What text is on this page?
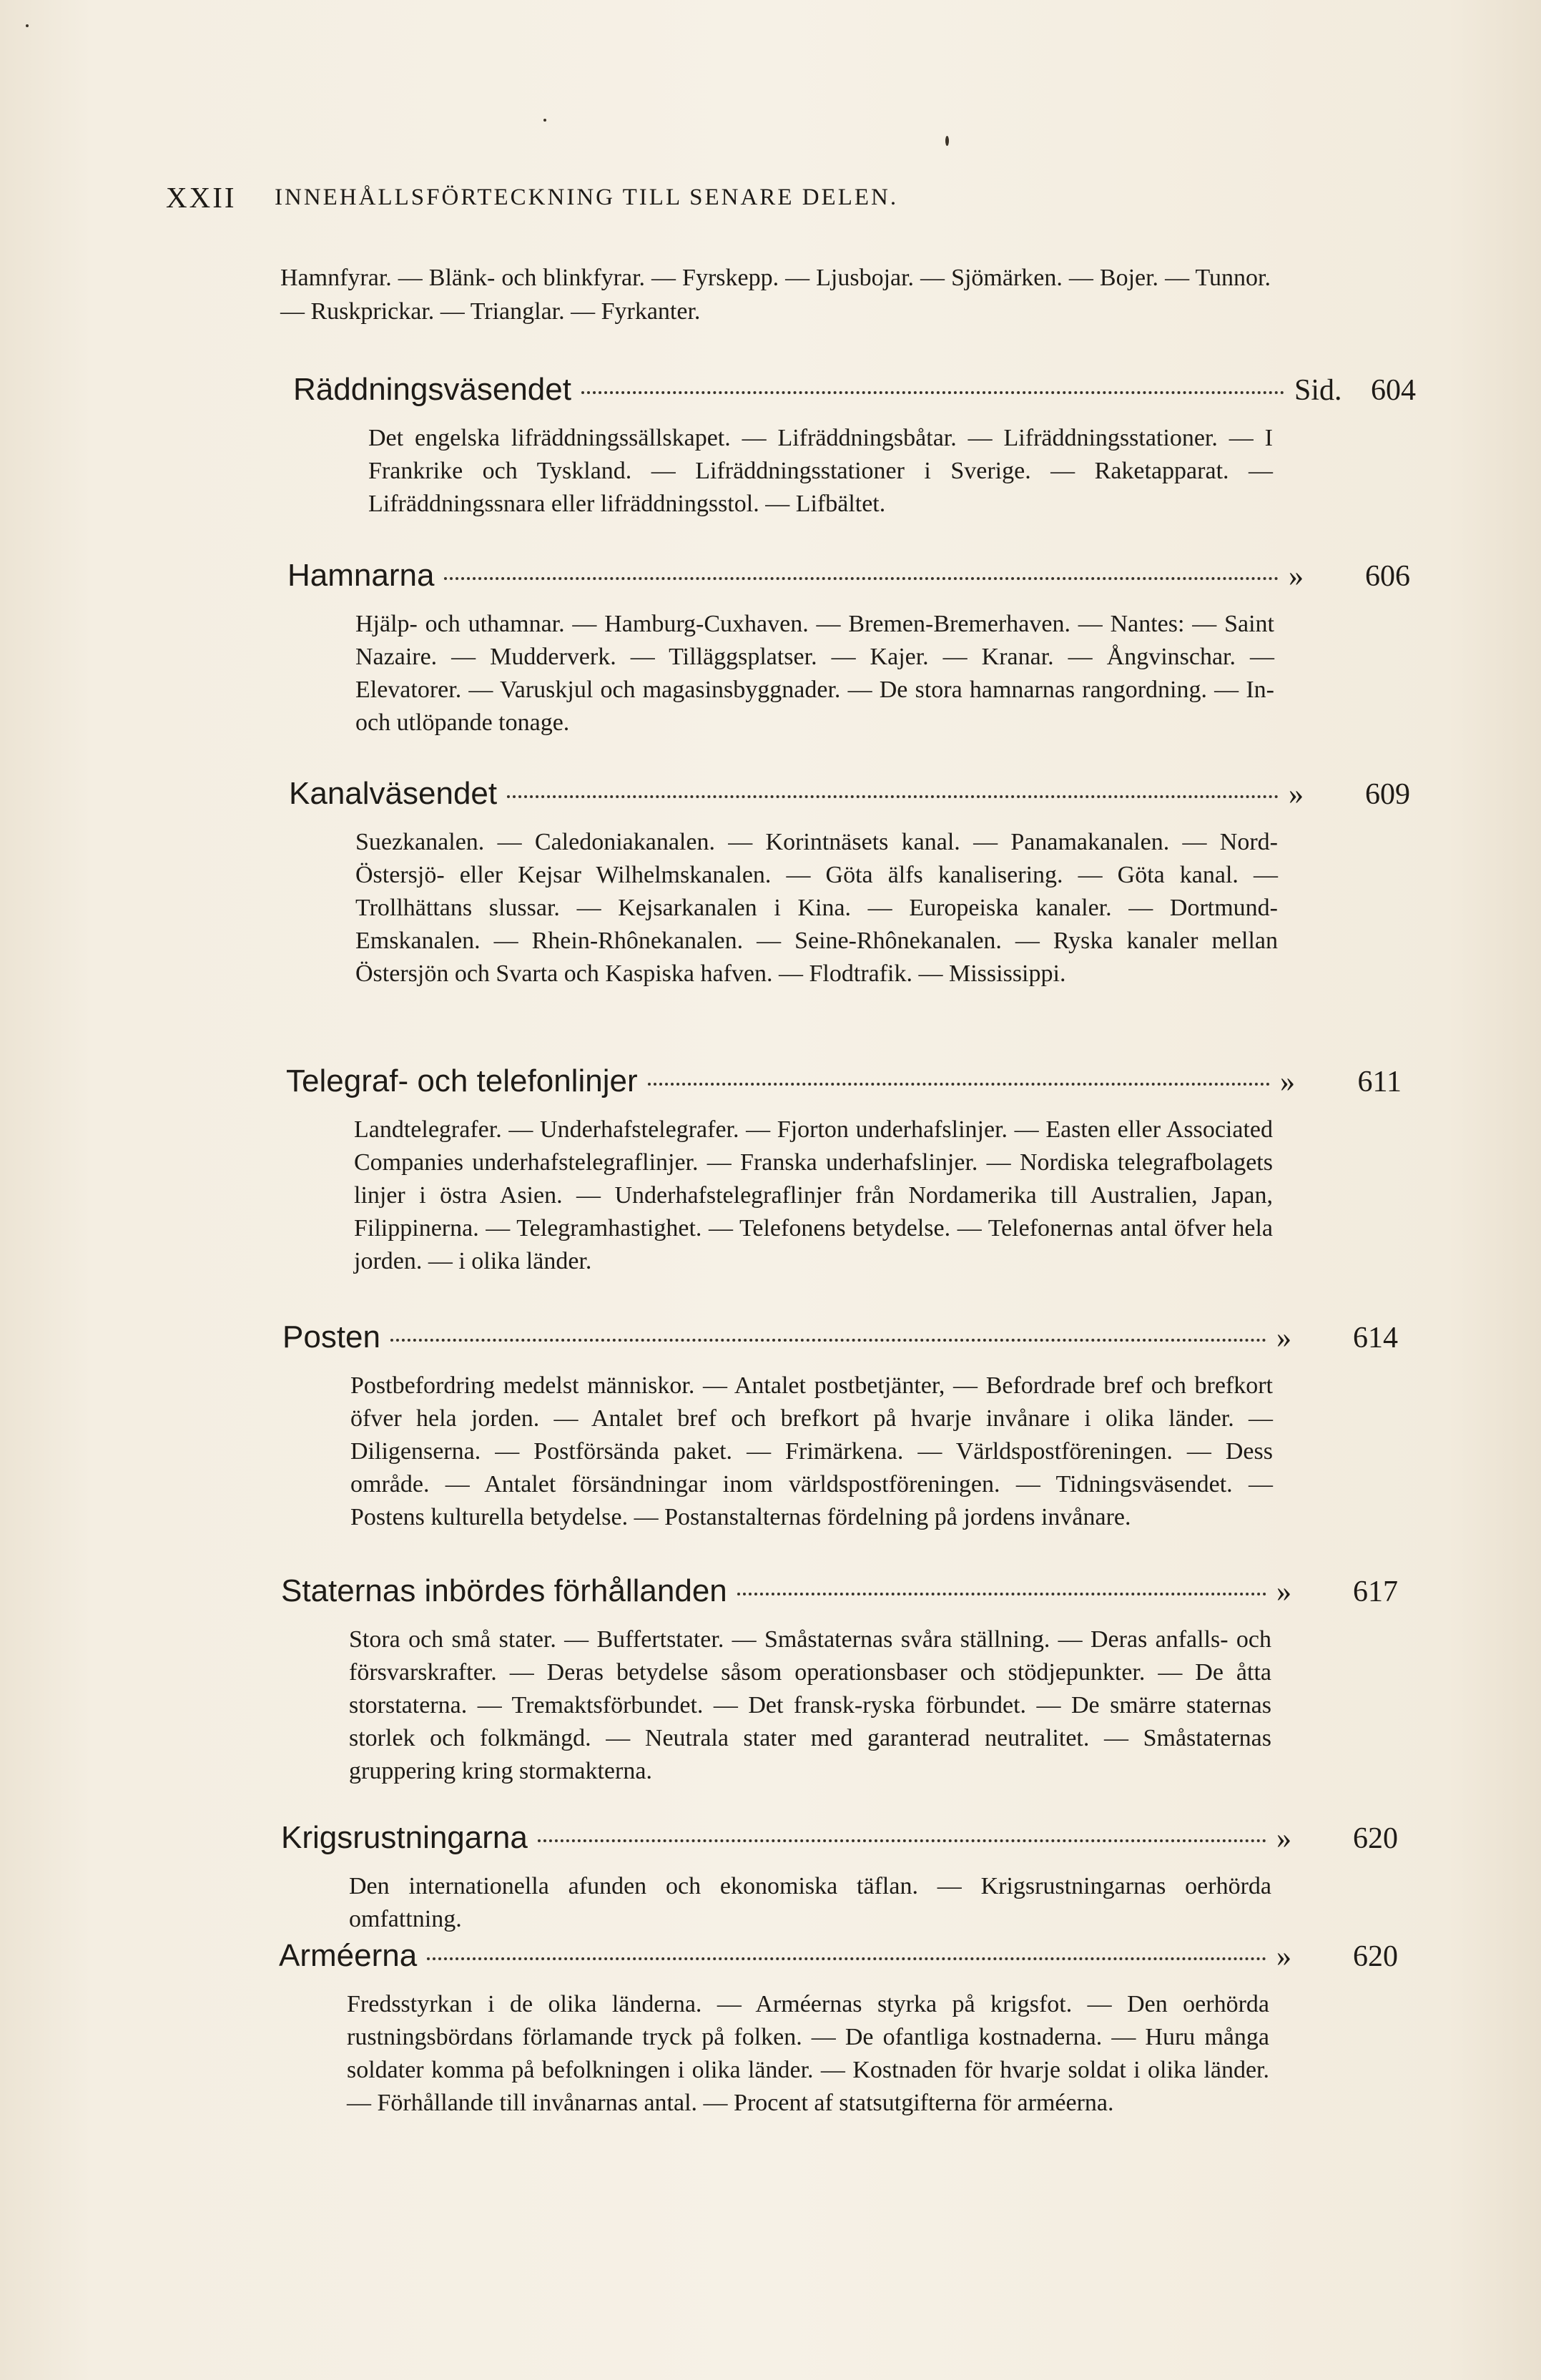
XXII INNEHÅLLSFÖRTECKNING TILL SENARE DELEN.
Hamnfyrar. — Blänk- och blinkfyrar. — Fyrskepp. — Ljusbojar. — Sjömärken. — Bojer. — Tunnor. — Ruskprickar. — Trianglar. — Fyrkanter.
Räddningsväsendet	Sid. 604
Det engelska lifräddningssällskapet. — Lifräddningsbåtar. — Lifräddningsstationer. — I Frankrike och Tyskland. — Lifräddningsstationer i Sverige. — Raketapparat. — Lifräddningssnara eller lifräddningsstol. — Lifbältet.
Hamnarna	» 606
Hjälp- och uthamnar. — Hamburg-Cuxhaven. — Bremen-Bremerhaven. — Nantes: — Saint Nazaire. — Mudderverk. — Tilläggsplatser. — Kajer. — Kranar. — Ångvinschar. — Elevatorer. — Varuskjul och magasinsbyggnader. — De stora hamnarnas rangordning. — In- och utlöpande tonage.
Kanalväsendet	» 609
Suezkanalen. — Caledoniakanalen. — Korintnäsets kanal. — Panamakanalen. — Nord-Östersjö- eller Kejsar Wilhelmskanalen. — Göta älfs kanalisering. — Göta kanal. — Trollhättans slussar. — Kejsarkanalen i Kina. — Europeiska kanaler. — Dortmund-Emskanalen. — Rhein-Rhônekanalen. — Seine-Rhônekanalen. — Ryska kanaler mellan Östersjön och Svarta och Kaspiska hafven. — Flodtrafik. — Mississippi.
Telegraf- och telefonlinjer	» 611
Landtelegrafer. — Underhafstelegrafer. — Fjorton underhafslinjer. — Easten eller Associated Companies underhafstelegraflinjer. — Franska underhafslinjer. — Nordiska telegrafbolagets linjer i östra Asien. — Underhafstelegraflinjer från Nordamerika till Australien, Japan, Filippinerna. — Telegramhastighet. — Telefonens betydelse. — Telefonernas antal öfver hela jorden. — i olika länder.
Posten	» 614
Postbefordring medelst människor. — Antalet postbetjänter, — Befordrade bref och brefkort öfver hela jorden. — Antalet bref och brefkort på hvarje invånare i olika länder. — Diligenserna. — Postförsända paket. — Frimärkena. — Världspostföreningen. — Dess område. — Antalet försändningar inom världspostföreningen. — Tidningsväsendet. — Postens kulturella betydelse. — Postanstalternas fördelning på jordens invånare.
Staternas inbördes förhållanden	» 617
Stora och små stater. — Buffertstater. — Småstaternas svåra ställning. — Deras anfalls- och försvarskrafter. — Deras betydelse såsom operationsbaser och stödjepunkter. — De åtta storstaterna. — Tremaktsförbundet. — Det fransk-ryska förbundet. — De smärre staternas storlek och folkmängd. — Neutrala stater med garanterad neutralitet. — Småstaternas gruppering kring stormakterna.
Krigsrustningarna	» 620
Den internationella afunden och ekonomiska täflan. — Krigsrustningarnas oerhörda omfattning.
Arméerna	» 620
Fredsstyrkan i de olika länderna. — Arméernas styrka på krigsfot. — Den oerhörda rustningsbördans förlamande tryck på folken. — De ofantliga kostnaderna. — Huru många soldater komma på befolkningen i olika länder. — Kostnaden för hvarje soldat i olika länder. — Förhållande till invånarnas antal. — Procent af statsutgifterna för arméerna.
